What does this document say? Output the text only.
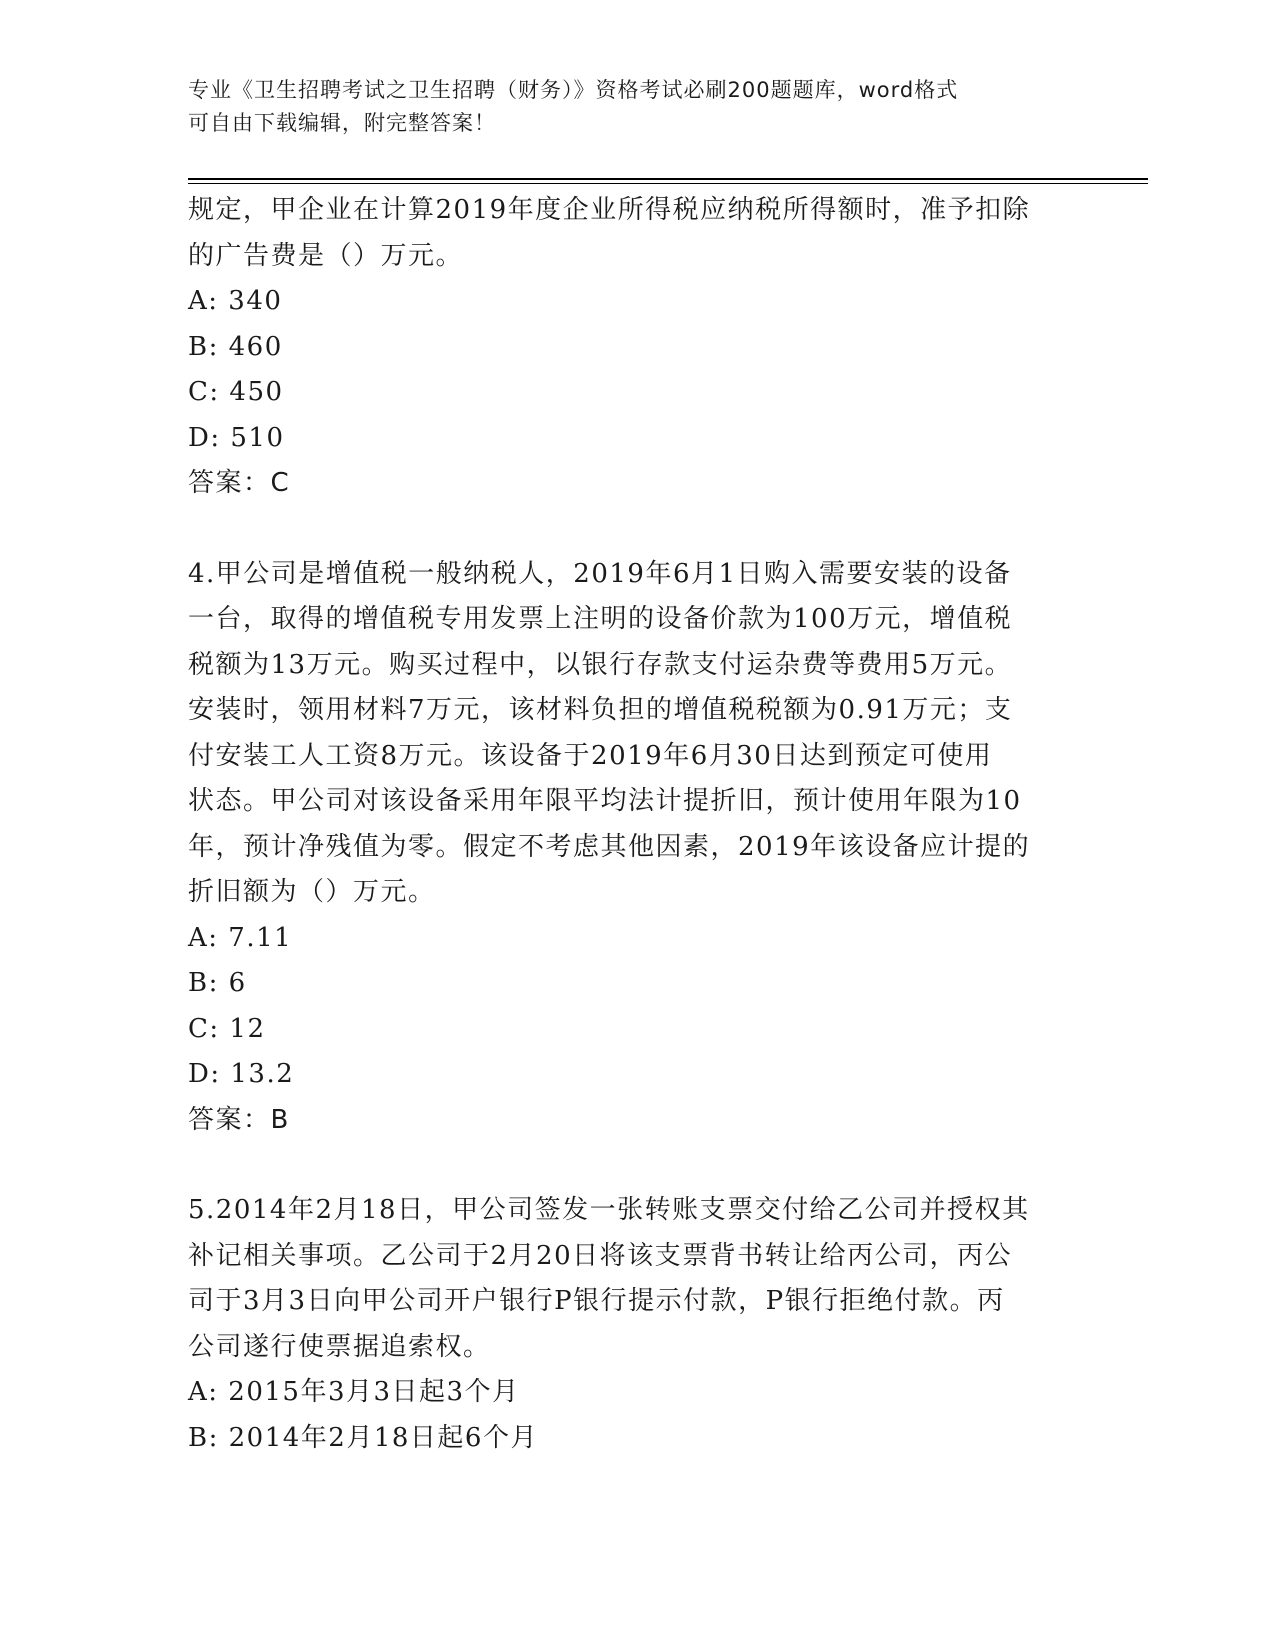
专业《卫生招聘考试之卫生招聘（财务）》资格考试必刷200题题库，word格式
可自由下载编辑，附完整答案！

规定，甲企业在计算2019年度企业所得税应纳税所得额时，准予扣除

的广告费是（）万元。

A: 340

B: 460

C: 450

D: 510

答案：C

4.甲公司是增值税一般纳税人，2019年6月1日购入需要安装的设备

一台，取得的增值税专用发票上注明的设备价款为100万元，增值税

税额为13万元。购买过程中，以银行存款支付运杂费等费用5万元。

安装时，领用材料7万元，该材料负担的增值税税额为0.91万元；支

付安装工人工资8万元。该设备于2019年6月30日达到预定可使用

状态。甲公司对该设备采用年限平均法计提折旧，预计使用年限为10

年，预计净残值为零。假定不考虑其他因素，2019年该设备应计提的

折旧额为（）万元。

A: 7.11

B: 6

C: 12

D: 13.2

答案：B

5.2014年2月18日，甲公司签发一张转账支票交付给乙公司并授权其

补记相关事项。乙公司于2月20日将该支票背书转让给丙公司，丙公

司于3月3日向甲公司开户银行P银行提示付款，P银行拒绝付款。丙

公司遂行使票据追索权。

A: 2015年3月3日起3个月

B: 2014年2月18日起6个月
